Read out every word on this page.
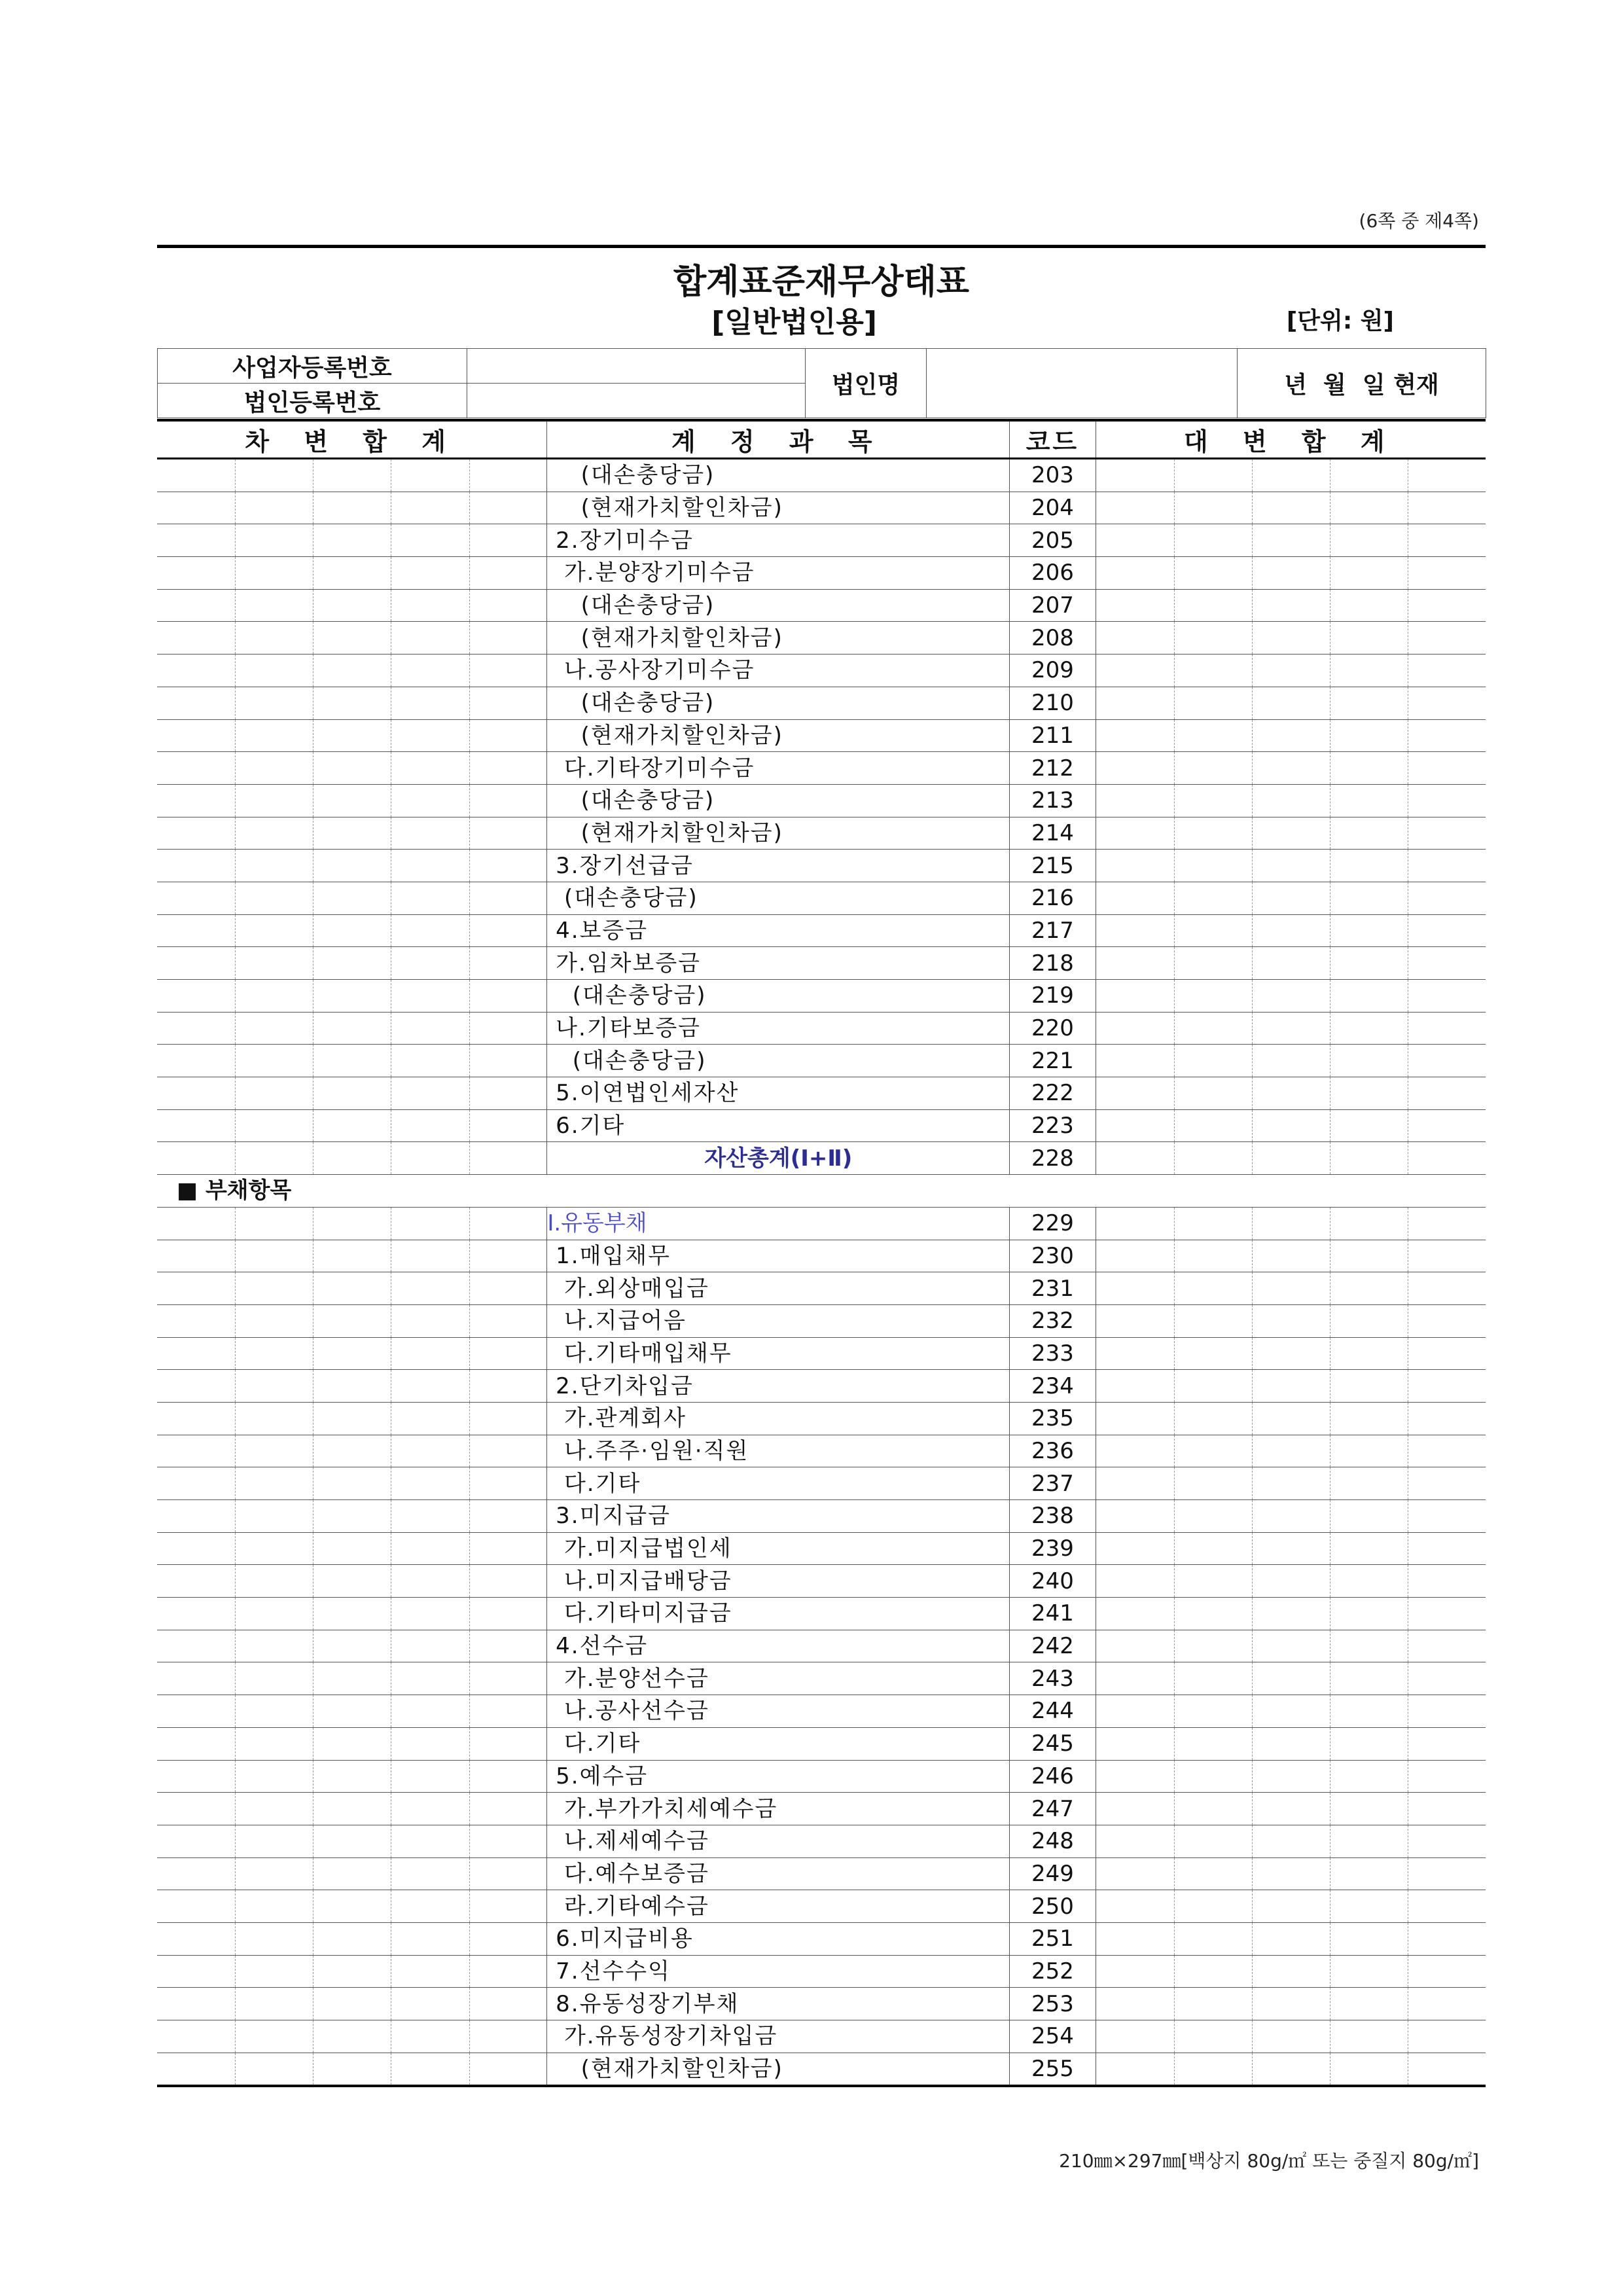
(6쪽 중 제4쪽)
합계표준재무상태표
[일반법인용]	[단위: 원]
사업자등록번호		법인명		년  월  일 현재
법인등록번호				
차 변 합 계					계 정 과 목	코드	대 변 합 계				
					(대손충당금)	203					
					(현재가치할인차금)	204					
					2.장기미수금	205					
					가.분양장기미수금	206					
					(대손충당금)	207					
					(현재가치할인차금)	208					
					나.공사장기미수금	209					
					(대손충당금)	210					
					(현재가치할인차금)	211					
					다.기타장기미수금	212					
					(대손충당금)	213					
					(현재가치할인차금)	214					
					3.장기선급금	215					
					(대손충당금)	216					
					4.보증금	217					
					가.임차보증금	218					
					(대손충당금)	219					
					나.기타보증금	220					
					(대손충당금)	221					
					5.이연법인세자산	222					
					6.기타	223					
					자산총계(Ⅰ+Ⅱ)	228					
■ 부채항목											
					Ⅰ.유동부채	229					
					1.매입채무	230					
					가.외상매입금	231					
					나.지급어음	232					
					다.기타매입채무	233					
					2.단기차입금	234					
					가.관계회사	235					
					나.주주·임원·직원	236					
					다.기타	237					
					3.미지급금	238					
					가.미지급법인세	239					
					나.미지급배당금	240					
					다.기타미지급금	241					
					4.선수금	242					
					가.분양선수금	243					
					나.공사선수금	244					
					다.기타	245					
					5.예수금	246					
					가.부가가치세예수금	247					
					나.제세예수금	248					
					다.예수보증금	249					
					라.기타예수금	250					
					6.미지급비용	251					
					7.선수수익	252					
					8.유동성장기부채	253					
					가.유동성장기차입금	254					
					(현재가치할인차금)	255					
210㎜×297㎜[백상지 80g/㎡ 또는 중질지 80g/㎡]
